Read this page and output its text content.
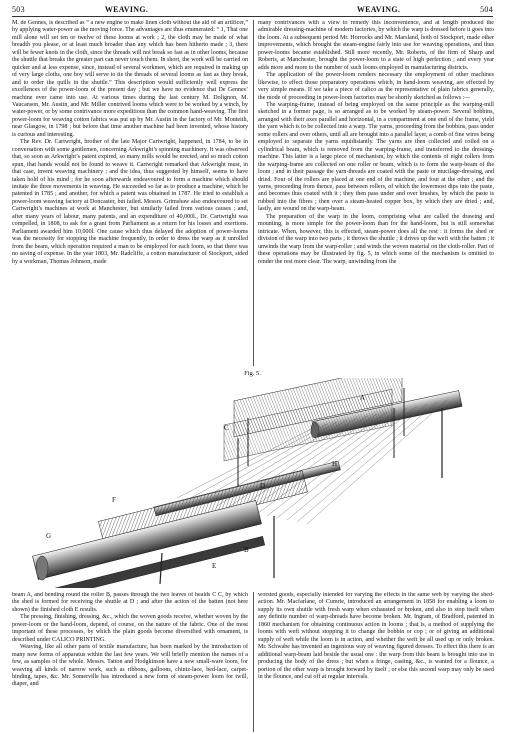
503	WEAVING.	WEAVING.	504

M. de Gennes, is described as “ a new engine to make linen cloth without the aid of an artificer,” by applying water-power as the moving force. The advantages are thus enumerated: “ 1, That one mill alone will set ten or twelve of these looms at work ; 2, the cloth may be made of what breadth you please, or at least much broader than any which has been hitherto made ; 3, there will be fewer knots in the cloth, since the threads will not break so fast as in other looms, because the shuttle that breaks the greater part can never touch them. In short, the work will be carried on quicker and at less expense, since, instead of several workmen, which are required in making up of very large cloths, one boy will serve to tie the threads of several looms as fast as they break, and to order the quills in the shuttle.” This description would sufficiently well express the excellences of the power-loom of the present day ; but we have no evidence that De Gennes’ machine ever came into use. At various times during the last century M. Dolignon, M. Vaucanson, Mr. Austin, and Mr. Miller contrived looms which were to be worked by a winch, by water-power, or by some contrivance more expeditious than the common hand-weaving. The first power-loom for weaving cotton fabrics was put up by Mr. Austin in the factory of Mr. Monteith, near Glasgow, in 1798 ; but before that time another machine had been invented, whose history is curious and interesting.

The Rev. Dr. Cartwright, brother of the late Major Cartwright, happened, in 1784, to be in conversation with some gentlemen, concerning Arkwright’s spinning machinery. It was observed that, so soon as Arkwright’s patent expired, so many mills would be erected, and so much cotton spun, that hands would not be found to weave it. Cartwright remarked that Arkwright must, in that case, invent weaving machinery ; and the idea, thus suggested by himself, seems to have taken hold of his mind ; for he soon afterwards endeavoured to form a machine which should imitate the three movements in weaving. He succeeded so far as to produce a machine, which he patented in 1785 ; and another, for which a patent was obtained in 1787. He tried to establish a power-loom weaving factory at Doncaster, but failed. Messrs. Grimshaw also endeavoured to set Cartwright’s machines at work at Manchester, but similarly failed from various causes ; and, after many years of labour, many patents, and an expenditure of 40,000l., Dr. Cartwright was compelled, in 1808, to ask for a grant from Parliament as a return for his losses and exertions. Parliament awarded him 10,000l. One cause which thus delayed the adoption of power-looms was the necessity for stopping the machine frequently, in order to dress the warp as it unrolled from the beam, which operation required a man to be employed for each loom, so that there was no saving of expense. In the year 1803, Mr. Radcliffe, a cotton manufacturer of Stockport, sided by a workman, Thomas Johnson, made

many contrivances with a view to remedy this inconvenience, and at length produced the admirable dressing-machine of modern factories, by which the warp is dressed before it goes into the loom. At a subsequent period Mr. Horrocks and Mr. Marsland, both of Stockport, made other improvements, which brought the steam-engine fairly into use for weaving operations, and thus power-looms became established. Still more recently, Mr. Roberts, of the firm of Sharp and Roberts, at Manchester, brought the power-loom to a state of high perfection ; and every year adds more and more to the number of such looms employed in manufacturing districts.

The application of the power-loom renders necessary the employment of other machines likewise, to effect those preparatory operations which, in hand-loom weaving, are effected by very simple means. If we take a piece of calico as the representative of plain fabrics generally, the mode of proceeding in power-loom factories may be shortly sketched as follows :—

The warping-frame, instead of being employed on the same principle as the warping-mill sketched in a former page, is so arranged as to be worked by steam-power. Several bobbins, arranged with their axes parallel and horizontal, in a compartment at one end of the frame, yield the yarn which is to be collected into a warp. The yarns, proceeding from the bobbins, pass under some rollers and over others, until all are brought into a parallel layer, a comb of fine wires being employed to separate the yarns equidistantly. The yarns are then collected and coiled on a cylindrical beam, which is removed from the warping-frame, and transferred to the dressing-machine. This latter is a large piece of mechanism, by which the contents of eight rollers from the warping-frame are collected on one roller or beam, which is to form the warp-beam of the loom ; and in their passage the yarn-threads are coated with the paste or mucilage-dressing, and dried. Four of the rollers are placed at one end of the machine, and four at the other ; and the yarns, proceeding from thence, pass between rollers, of which the lowermost dips into the paste, and becomes thus coated with it ; they then pass under and over brushes, by which the paste is rubbed into the fibres ; then over a steam-heated copper box, by which they are dried ; and, lastly, are wound on the warp-beam.

The preparation of the warp in the loom, comprising what are called the drawing and mounting, is more simple for the power-loom than for the hand-loom, but is still somewhat intricate. When, however, this is effected, steam-power does all the rest : it forms the shed or division of the warp into two parts ; it throws the shuttle ; it drives up the weft with the batten ; it unwinds the warp from the warp-roller ; and winds the woven material on the cloth-roller. Part of these operations may be illustrated by fig. 5, in which some of the mechanism is omitted to render the rest more clear. The warp, unwinding from the

Fig. 5.
A
B
C
D
E
F
G
H

beam A, and bending round the roller B, passes through the two leaves of healds C C, by which the shed is formed for receiving the shuttle at D ; and after the action of the batten (not here shown) the finished cloth E results.

The pressing, finishing, dressing, &c., which the woven goods receive, whether woven by the power-loom or the hand-loom, depend, of course, on the nature of the fabric. One of the most important of these processes, by which the plain goods become diversified with ornament, is described under CALICO PRINTING.

Weaving, like all other parts of textile manufacture, has been marked by the introduction of many new forms of apparatus within the last few years. We will briefly mention the names of a few, as samples of the whole. Messrs. Tatton and Hodgkinson have a new small-ware loom, for weaving all kinds of narrow work, such as ribbons, galloons, chintz-lace, bed-lace, carpet-binding, tapes, &c. Mr. Somerville has introduced a new form of steam-power loom for twill, diaper, and

worsted goods, especially intended for varying the effects in the same web by varying the shed-action. Mr. Macfarlane, of Cumrie, introduced an arrangement in 1858 for enabling a loom to supply its own shuttle with fresh warp when exhausted or broken, and also to stop itself when any definite number of warp-threads have become broken. Mr. Ingram, of Bradford, patented in 1860 mechanism for obtaining continuous action in looms ; that is, a method of supplying the looms with weft without stopping it to change the bobbin or cop ; or of giving an additional supply of weft while the loom is in action, and whether the weft be all used up or only broken. Mr. Schwabe has invented an ingenious way of weaving figured dresses. To effect this there is an additional warp-beam laid beside the usual one : the warp from this beam is brought into use in producing the body of the dress ; but when a fringe, casting, &c., is wanted for a flounce, a portion of the other warp is brought forward by itself ; or else this second warp may only be used in the flounce, and cut off at regular intervals.
